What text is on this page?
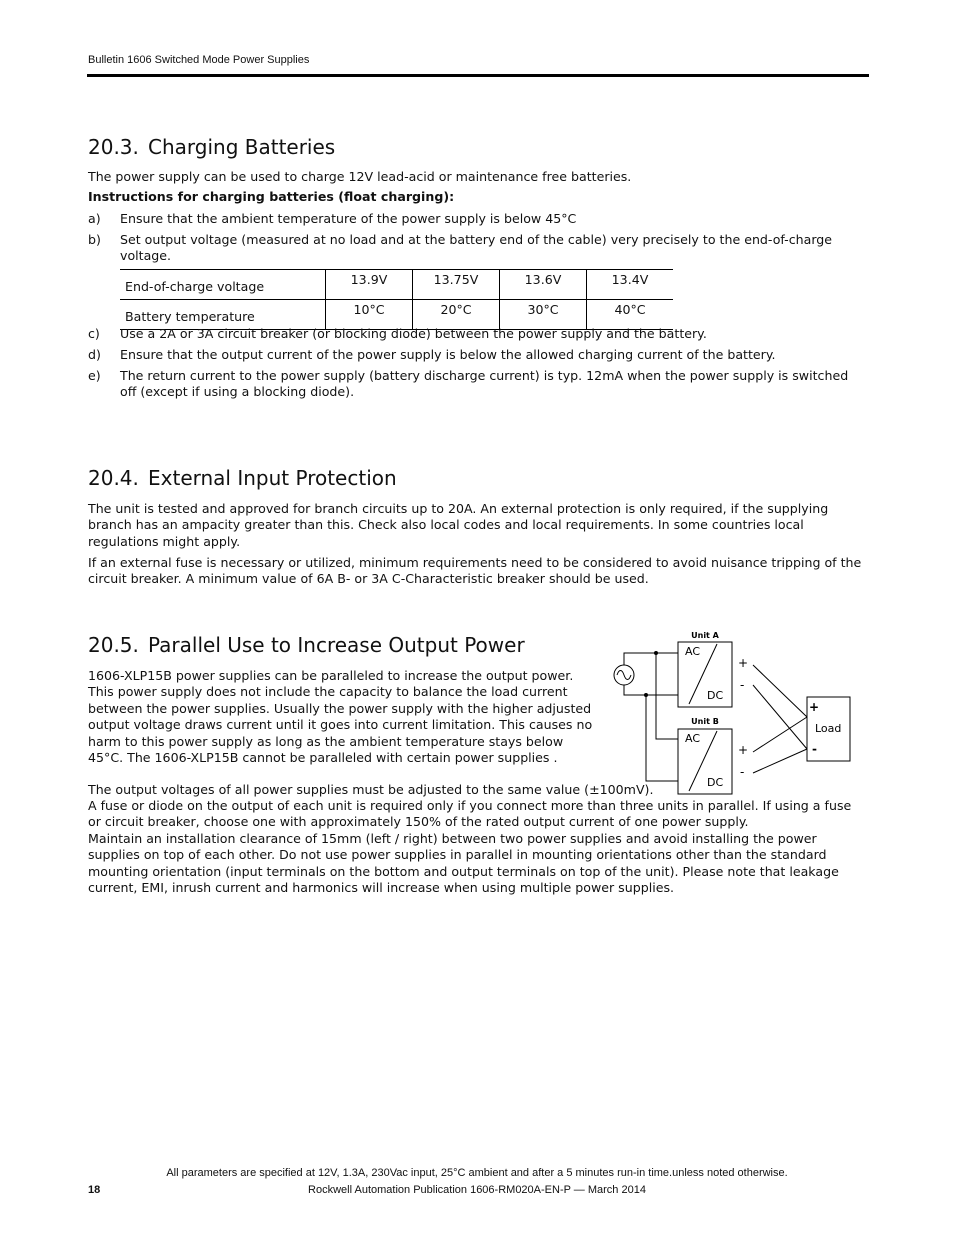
Bulletin 1606 Switched Mode Power Supplies
20.3. Charging Batteries

The power supply can be used to charge 12V lead-acid or maintenance free batteries.

Instructions for charging batteries (float charging):

a) Ensure that the ambient temperature of the power supply is below 45°C
b) Set output voltage (measured at no load and at the battery end of the cable) very precisely to the end-of-charge voltage.
End-of-charge voltage	13.9V	13.75V	13.6V	13.4V
Battery temperature	10°C	20°C	30°C	40°C
c) Use a 2A or 3A circuit breaker (or blocking diode) between the power supply and the battery.
d) Ensure that the output current of the power supply is below the allowed charging current of the battery.
e) The return current to the power supply (battery discharge current) is typ. 12mA when the power supply is switched off (except if using a blocking diode).
20.4. External Input Protection

The unit is tested and approved for branch circuits up to 20A. An external protection is only required, if the supplying branch has an ampacity greater than this. Check also local codes and local requirements. In some countries local regulations might apply.

If an external fuse is necessary or utilized, minimum requirements need to be considered to avoid nuisance tripping of the circuit breaker. A minimum value of 6A B- or 3A C-Characteristic breaker should be used.

20.5. Parallel Use to Increase Output Power

1606-XLP15B power supplies can be paralleled to increase the output power. This power supply does not include the capacity to balance the load current between the power supplies. Usually the power supply with the higher adjusted output voltage draws current until it goes into current limitation. This causes no harm to this power supply as long as the ambient temperature stays below 45°C. The 1606-XLP15B cannot be paralleled with certain power supplies .

The output voltages of all power supplies must be adjusted to the same value (±100mV).

A fuse or diode on the output of each unit is required only if you connect more than three units in parallel. If using a fuse or circuit breaker, choose one with approximately 150% of the rated output current of one power supply.

Maintain an installation clearance of 15mm (left / right) between two power supplies and avoid installing the power supplies on top of each other. Do not use power supplies in parallel in mounting orientations other than the standard mounting orientation (input terminals on the bottom and output terminals on top of the unit). Please note that leakage current, EMI, inrush current and harmonics will increase when using multiple power supplies.

Unit A
AC
DC
+
-
Unit B
AC
DC
+
-
+
Load
-
All parameters are specified at 12V, 1.3A, 230Vac input, 25°C ambient and after a 5 minutes run-in time.unless noted otherwise.
18	Rockwell Automation Publication 1606-RM020A-EN-P — March 2014
